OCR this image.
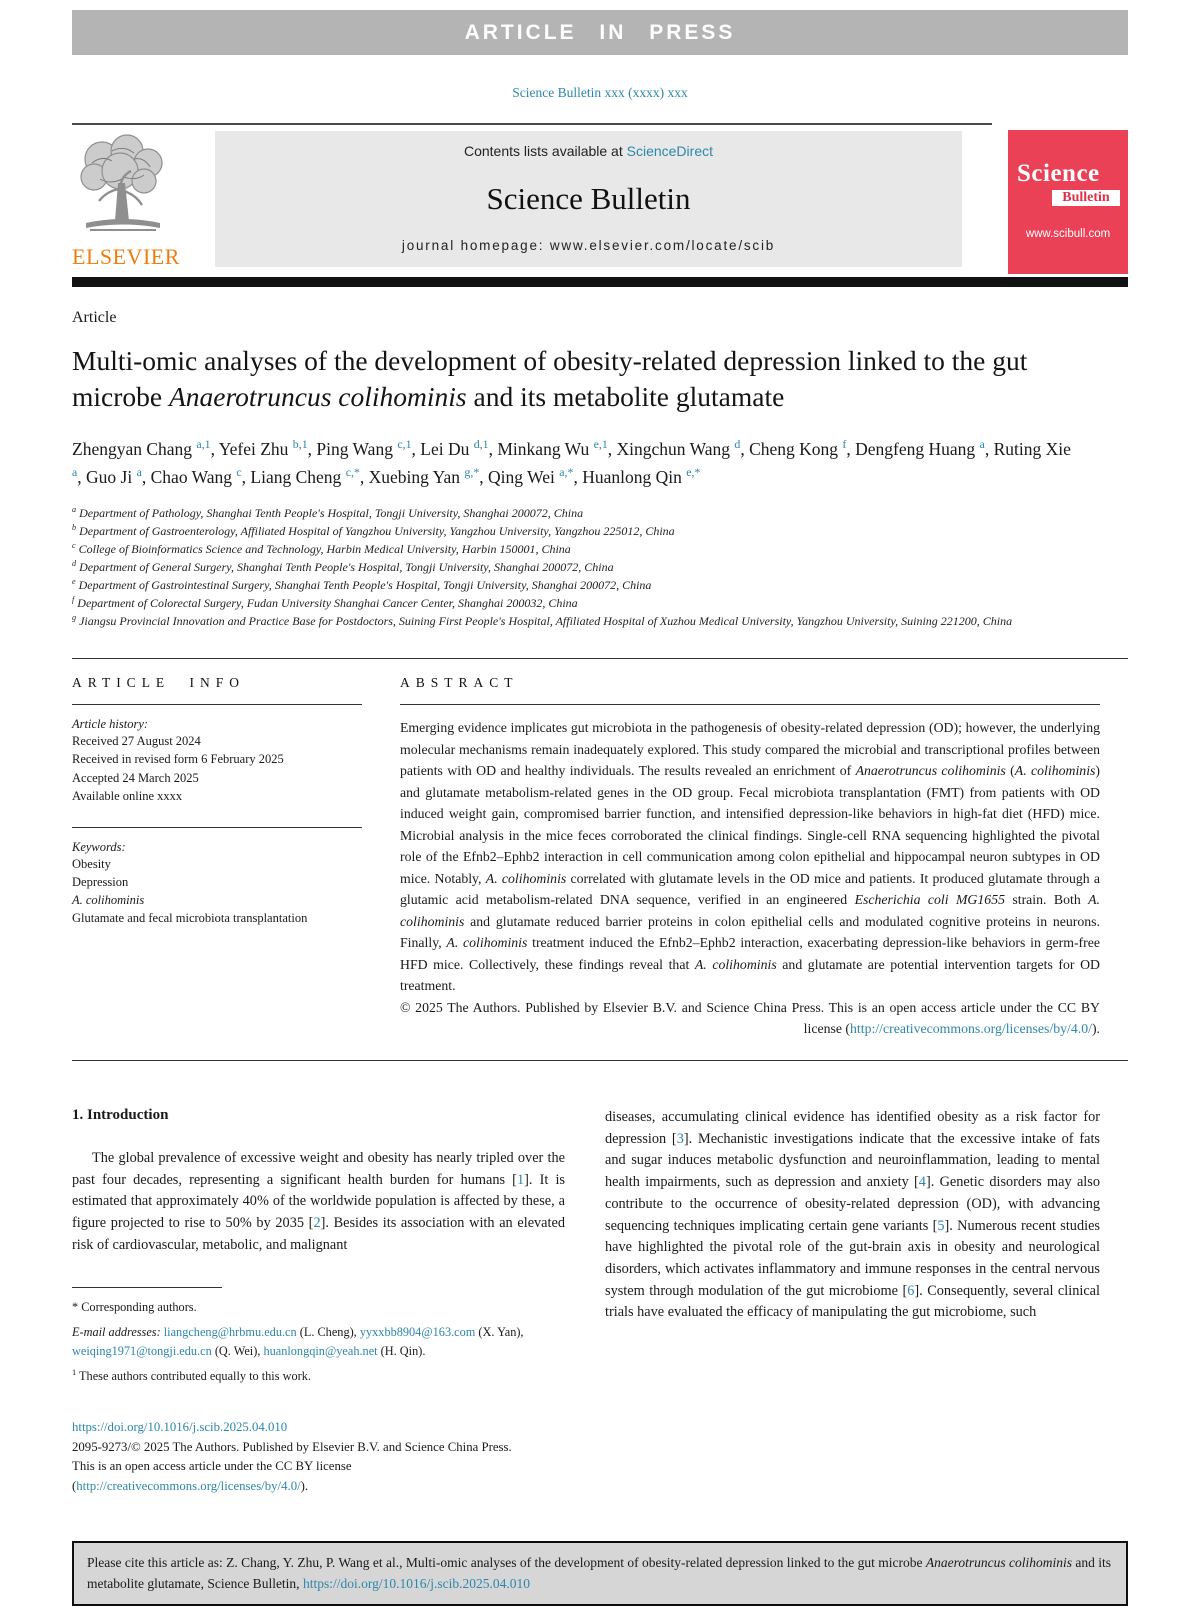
ARTICLE IN PRESS
Science Bulletin xxx (xxxx) xxx
ELSEVIER
Contents lists available at ScienceDirect
Science Bulletin
journal homepage: www.elsevier.com/locate/scib
Science
Bulletin
www.scibull.com
Article
Multi-omic analyses of the development of obesity-related depression linked to the gut microbe Anaerotruncus colihominis and its metabolite glutamate
Zhengyan Chang $^{a,1}$, Yefei Zhu $^{b,1}$, Ping Wang $^{c,1}$, Lei Du $^{d,1}$, Minkang Wu $^{e,1}$, Xingchun Wang $^d$, Cheng Kong $^f$, Dengfeng Huang $^a$, Ruting Xie $^a$, Guo Ji $^a$, Chao Wang $^c$, Liang Cheng $^{c,*}$, Xuebing Yan $^{g,*}$, Qing Wei $^{a,*}$, Huanlong Qin $^{e,*}$
$^a$ Department of Pathology, Shanghai Tenth People's Hospital, Tongji University, Shanghai 200072, China
$^b$ Department of Gastroenterology, Affiliated Hospital of Yangzhou University, Yangzhou University, Yangzhou 225012, China
$^c$ College of Bioinformatics Science and Technology, Harbin Medical University, Harbin 150001, China
$^d$ Department of General Surgery, Shanghai Tenth People's Hospital, Tongji University, Shanghai 200072, China
$^e$ Department of Gastrointestinal Surgery, Shanghai Tenth People's Hospital, Tongji University, Shanghai 200072, China
$^f$ Department of Colorectal Surgery, Fudan University Shanghai Cancer Center, Shanghai 200032, China
$^g$ Jiangsu Provincial Innovation and Practice Base for Postdoctors, Suining First People's Hospital, Affiliated Hospital of Xuzhou Medical University, Yangzhou University, Suining 221200, China
ARTICLE INFO
Article history:
Received 27 August 2024
Received in revised form 6 February 2025
Accepted 24 March 2025
Available online xxxx
Keywords:
Obesity
Depression
A. colihominis
Glutamate and fecal microbiota transplantation
ABSTRACT
Emerging evidence implicates gut microbiota in the pathogenesis of obesity-related depression (OD); however, the underlying molecular mechanisms remain inadequately explored. This study compared the microbial and transcriptional profiles between patients with OD and healthy individuals. The results revealed an enrichment of Anaerotruncus colihominis (A. colihominis) and glutamate metabolism-related genes in the OD group. Fecal microbiota transplantation (FMT) from patients with OD induced weight gain, compromised barrier function, and intensified depression-like behaviors in high-fat diet (HFD) mice. Microbial analysis in the mice feces corroborated the clinical findings. Single-cell RNA sequencing highlighted the pivotal role of the Efnb2–Ephb2 interaction in cell communication among colon epithelial and hippocampal neuron subtypes in OD mice. Notably, A. colihominis correlated with glutamate levels in the OD mice and patients. It produced glutamate through a glutamic acid metabolism-related DNA sequence, verified in an engineered Escherichia coli MG1655 strain. Both A. colihominis and glutamate reduced barrier proteins in colon epithelial cells and modulated cognitive proteins in neurons. Finally, A. colihominis treatment induced the Efnb2–Ephb2 interaction, exacerbating depression-like behaviors in germ-free HFD mice. Collectively, these findings reveal that A. colihominis and glutamate are potential intervention targets for OD treatment.
© 2025 The Authors. Published by Elsevier B.V. and Science China Press. This is an open access article under the CC BY license (http://creativecommons.org/licenses/by/4.0/).
1. Introduction

The global prevalence of excessive weight and obesity has nearly tripled over the past four decades, representing a significant health burden for humans [1]. It is estimated that approximately 40% of the worldwide population is affected by these, a figure projected to rise to 50% by 2035 [2]. Besides its association with an elevated risk of cardiovascular, metabolic, and malignant

* Corresponding authors.
E-mail addresses: liangcheng@hrbmu.edu.cn (L. Cheng), yyxxbb8904@163.com (X. Yan), weiqing1971@tongji.edu.cn (Q. Wei), huanlongqin@yeah.net (H. Qin).
$^1$ These authors contributed equally to this work.
https://doi.org/10.1016/j.scib.2025.04.010
2095-9273/© 2025 The Authors. Published by Elsevier B.V. and Science China Press.
This is an open access article under the CC BY license (http://creativecommons.org/licenses/by/4.0/).

diseases, accumulating clinical evidence has identified obesity as a risk factor for depression [3]. Mechanistic investigations indicate that the excessive intake of fats and sugar induces metabolic dysfunction and neuroinflammation, leading to mental health impairments, such as depression and anxiety [4]. Genetic disorders may also contribute to the occurrence of obesity-related depression (OD), with advancing sequencing techniques implicating certain gene variants [5]. Numerous recent studies have highlighted the pivotal role of the gut-brain axis in obesity and neurological disorders, which activates inflammatory and immune responses in the central nervous system through modulation of the gut microbiome [6]. Consequently, several clinical trials have evaluated the efficacy of manipulating the gut microbiome, such

Please cite this article as: Z. Chang, Y. Zhu, P. Wang et al., Multi-omic analyses of the development of obesity-related depression linked to the gut microbe Anaerotruncus colihominis and its metabolite glutamate, Science Bulletin, https://doi.org/10.1016/j.scib.2025.04.010
